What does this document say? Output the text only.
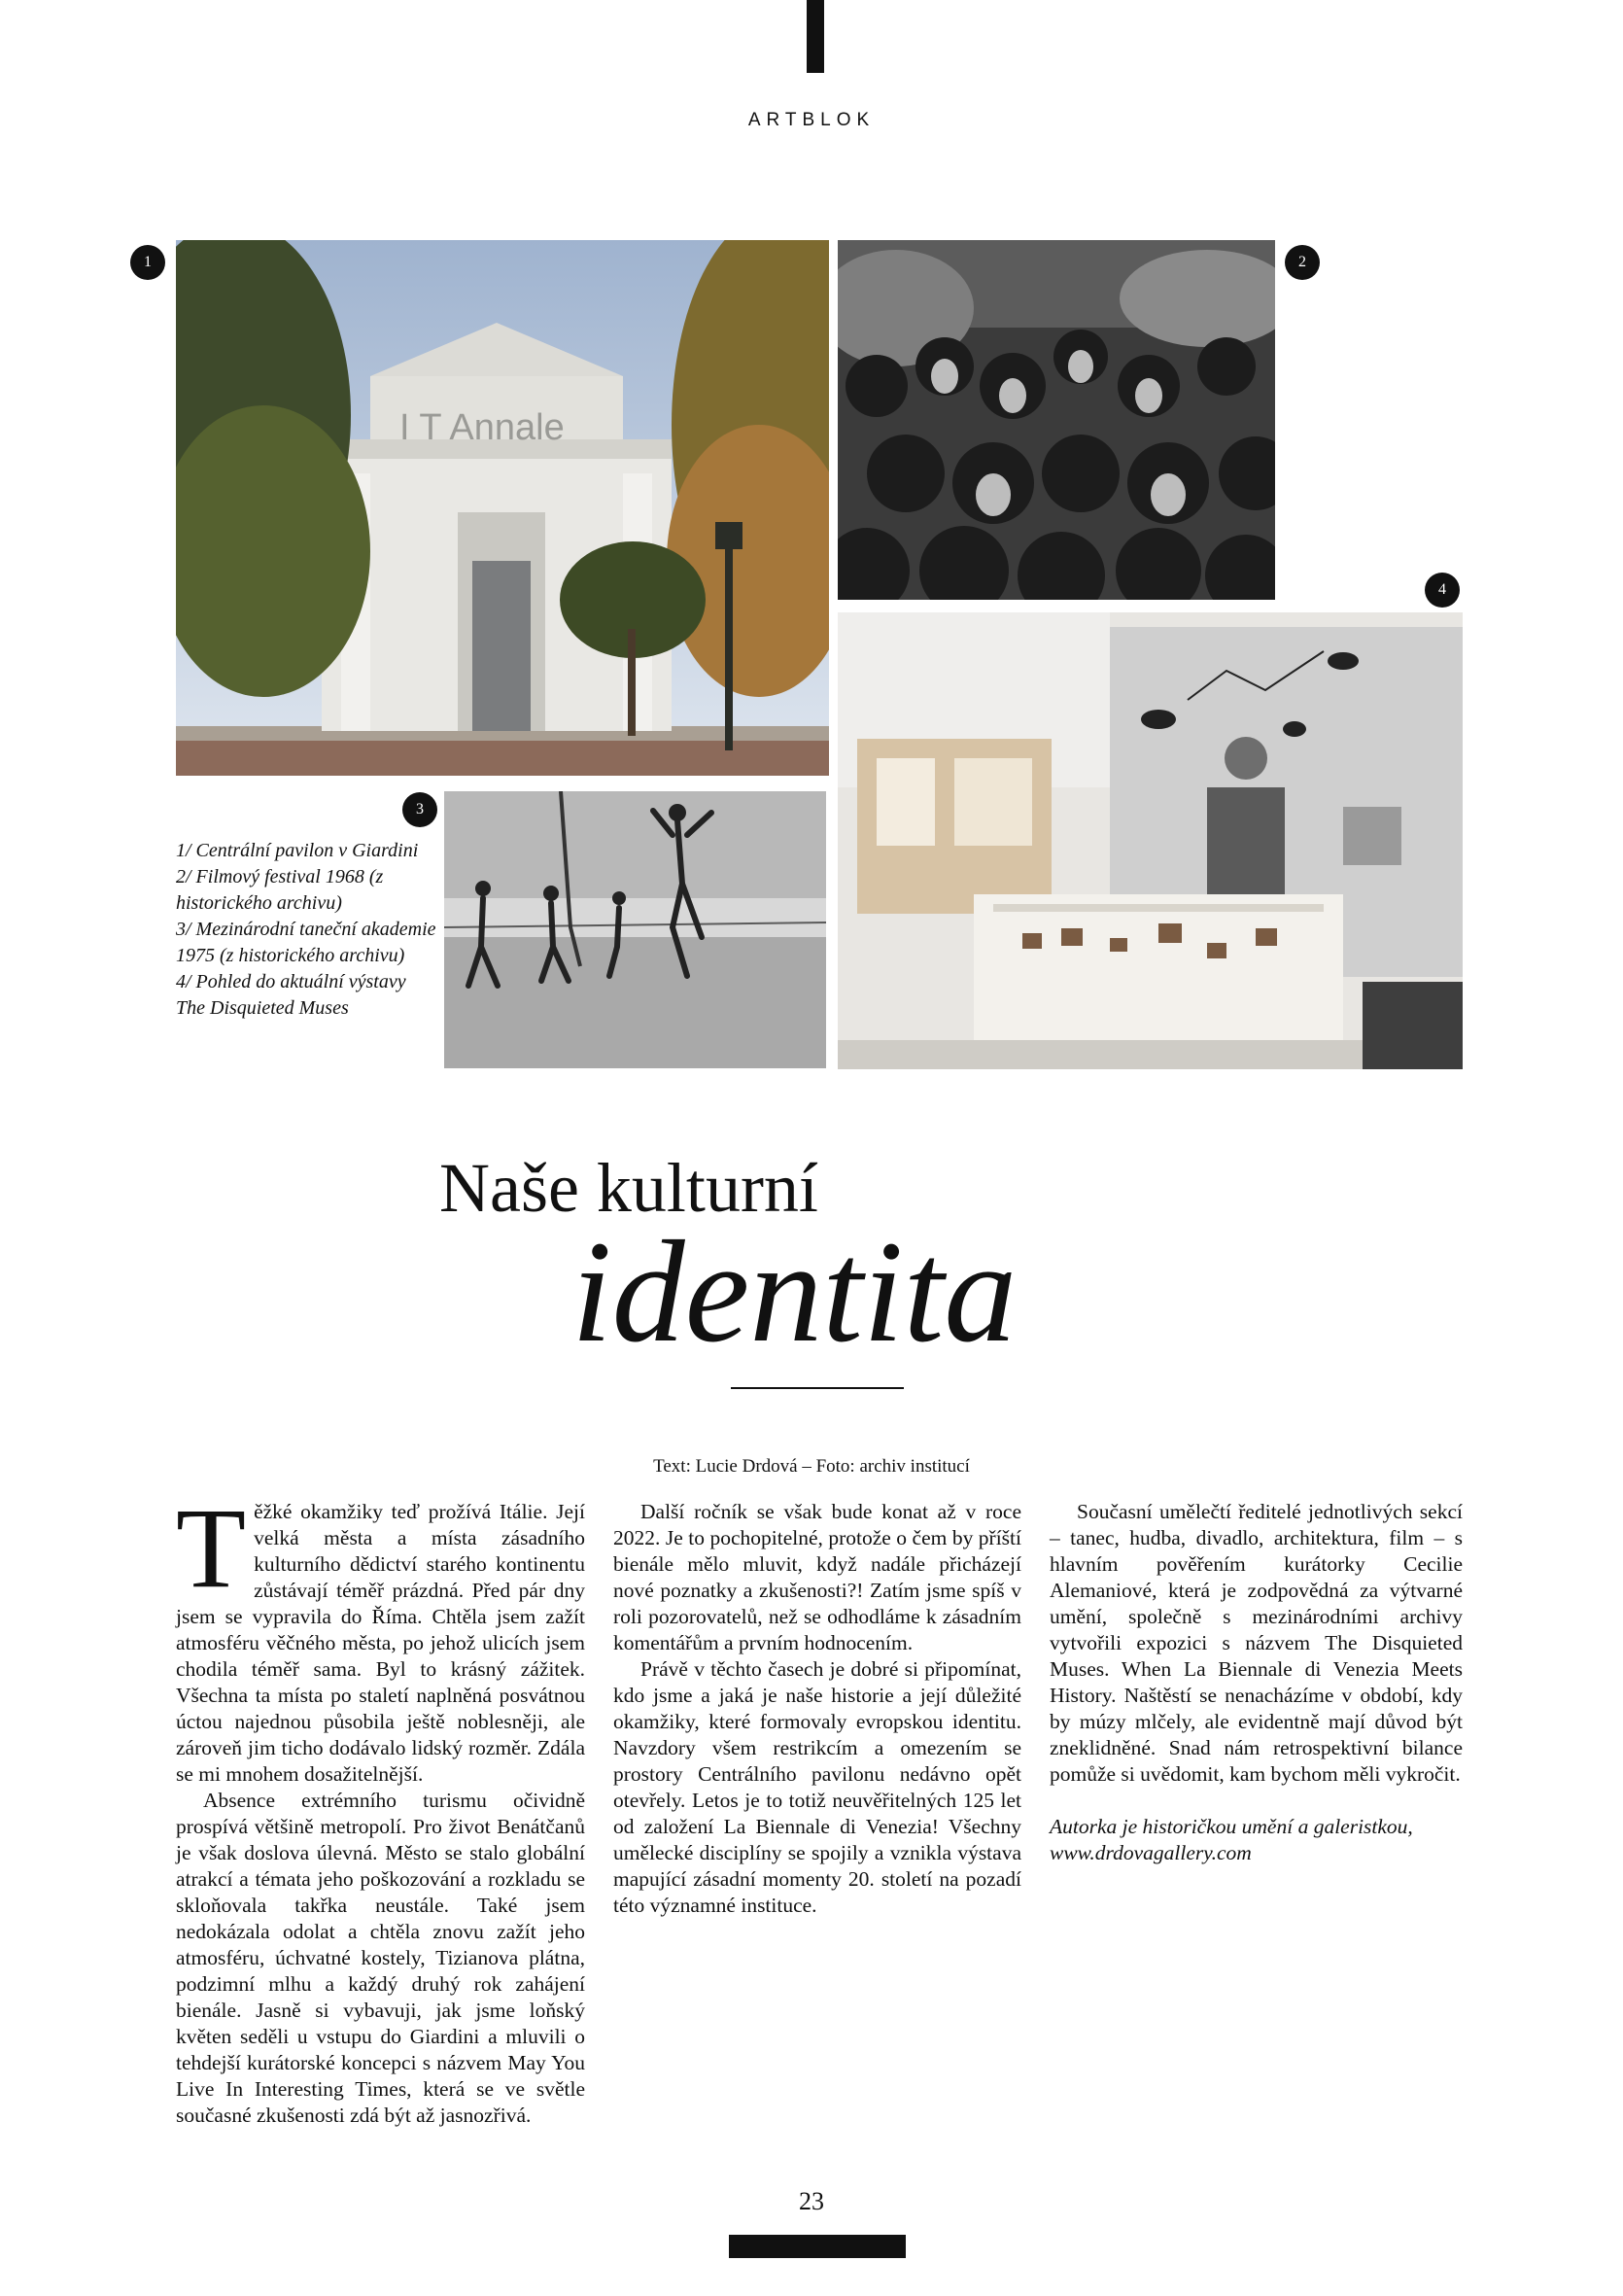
ARTBLOK
I T Annale
1	2
3
4
1/ Centrální pavilon v Giardini
2/ Filmový festival 1968 (z historického archivu)
3/ Mezinárodní taneční akademie 1975 (z historického archivu)
4/ Pohled do aktuální výstavy The Disquieted Muses
Naše kulturní
identita
Text: Lucie Drdová – Foto: archiv institucí

Těžké okamžiky teď prožívá Itálie. Její velká města a místa zásadního kulturního dědictví starého kontinentu zůstávají téměř prázdná. Před pár dny jsem se vypravila do Říma. Chtěla jsem zažít atmosféru věčného města, po jehož ulicích jsem chodila téměř sama. Byl to krásný zážitek. Všechna ta místa po staletí naplněná posvátnou úctou najednou působila ještě noblesněji, ale zároveň jim ticho dodávalo lidský rozměr. Zdála se mi mnohem dosažitelnější.

Absence extrémního turismu očividně prospívá většině metropolí. Pro život Benátčanů je však doslova úlevná. Město se stalo globální atrakcí a témata jeho poškozování a rozkladu se skloňovala takřka neustále. Také jsem nedokázala odolat a chtěla znovu zažít jeho atmosféru, úchvatné kostely, Tizianova plátna, podzimní mlhu a každý druhý rok zahájení bienále. Jasně si vybavuji, jak jsme loňský květen seděli u vstupu do Giardini a mluvili o tehdejší kurátorské koncepci s názvem May You Live In Interesting Times, která se ve světle současné zkušenosti zdá být až jasnozřivá.

Další ročník se však bude konat až v roce 2022. Je to pochopitelné, protože o čem by příští bienále mělo mluvit, když nadále přicházejí nové poznatky a zkušenosti?! Zatím jsme spíš v roli pozorovatelů, než se odhodláme k zásadním komentářům a prvním hodnocením.

Právě v těchto časech je dobré si připomínat, kdo jsme a jaká je naše historie a její důležité okamžiky, které formovaly evropskou identitu. Navzdory všem restrikcím a omezením se prostory Centrálního pavilonu nedávno opět otevřely. Letos je to totiž neuvěřitelných 125 let od založení La Biennale di Venezia! Všechny umělecké disciplíny se spojily a vznikla výstava mapující zásadní momenty 20. století na pozadí této významné instituce.

Současní umělečtí ředitelé jednotlivých sekcí – tanec, hudba, divadlo, architektura, film – s hlavním pověřením kurátorky Cecilie Alemaniové, která je zodpovědná za výtvarné umění, společně s mezinárodními archivy vytvořili expozici s názvem The Disquieted Muses. When La Biennale di Venezia Meets History. Naštěstí se nenacházíme v období, kdy by múzy mlčely, ale evidentně mají důvod být zneklidněné. Snad nám retrospektivní bilance pomůže si uvědomit, kam bychom měli vykročit.

Autorka je historičkou umění a galeristkou,
www.drdovagallery.com

23
